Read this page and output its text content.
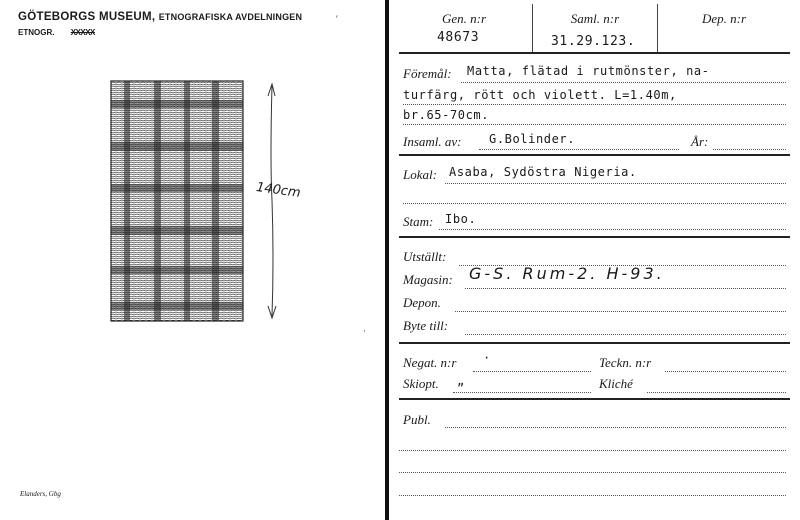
GÖTEBORGS MUSEUM, ETNOGRAFISKA AVDELNINGEN
ETNOGR. XXXXX
′
·
140cm
Elanders, Gbg
Gen. n:r
48673
Saml. n:r
31.29.123.
Dep. n:r
Föremål: Matta, flätad i rutmönster, na-
turfärg, rött och violett. L=1.40m,
br.65-70cm.
Insaml. av: G.Bolinder.	År:
Lokal: Asaba, Sydöstra Nigeria.
Stam: Ibo.
Utställt:
Magasin: G-S. Rum-2. H-93.
Depon.
Byte till:
Negat. n:r ·	Teckn. n:r
Skiopt. „	Kliché
Publ.
